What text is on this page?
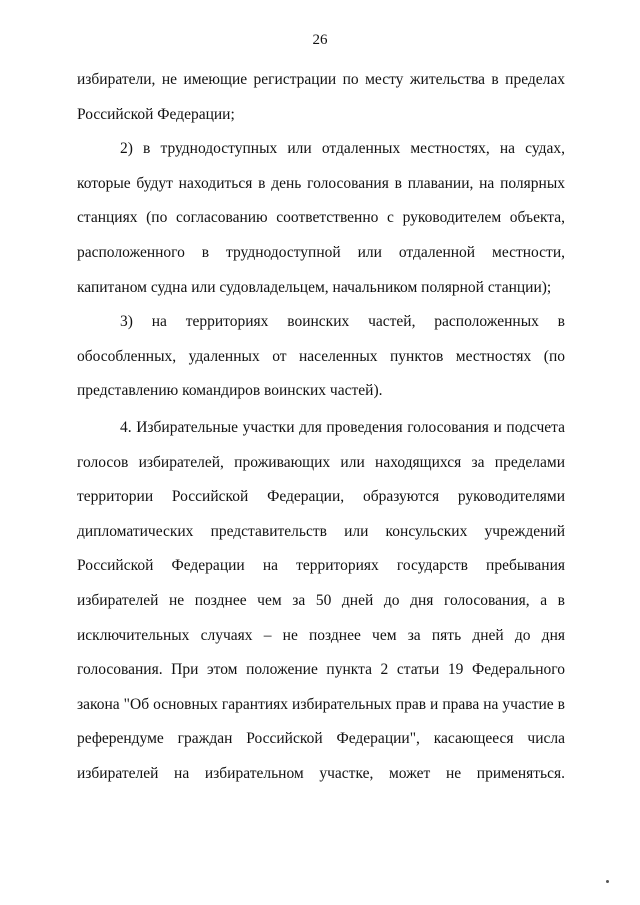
26

избиратели, не имеющие регистрации по месту жительства в пределах Российской Федерации;

2) в труднодоступных или отдаленных местностях, на судах, которые будут находиться в день голосования в плавании, на полярных станциях (по согласованию соответственно с руководителем объекта, расположенного в труднодоступной или отдаленной местности, капитаном судна или судовладельцем, начальником полярной станции);

3) на территориях воинских частей, расположенных в обособленных, удаленных от населенных пунктов местностях (по представлению командиров воинских частей).

4. Избирательные участки для проведения голосования и подсчета голосов избирателей, проживающих или находящихся за пределами территории Российской Федерации, образуются руководителями дипломатических представительств или консульских учреждений Российской Федерации на территориях государств пребывания избирателей не позднее чем за 50 дней до дня голосования, а в исключительных случаях – не позднее чем за пять дней до дня голосования. При этом положение пункта 2 статьи 19 Федерального закона "Об основных гарантиях избирательных прав и права на участие в референдуме граждан Российской Федерации", касающееся числа избирателей на избирательном участке, может не применяться.
